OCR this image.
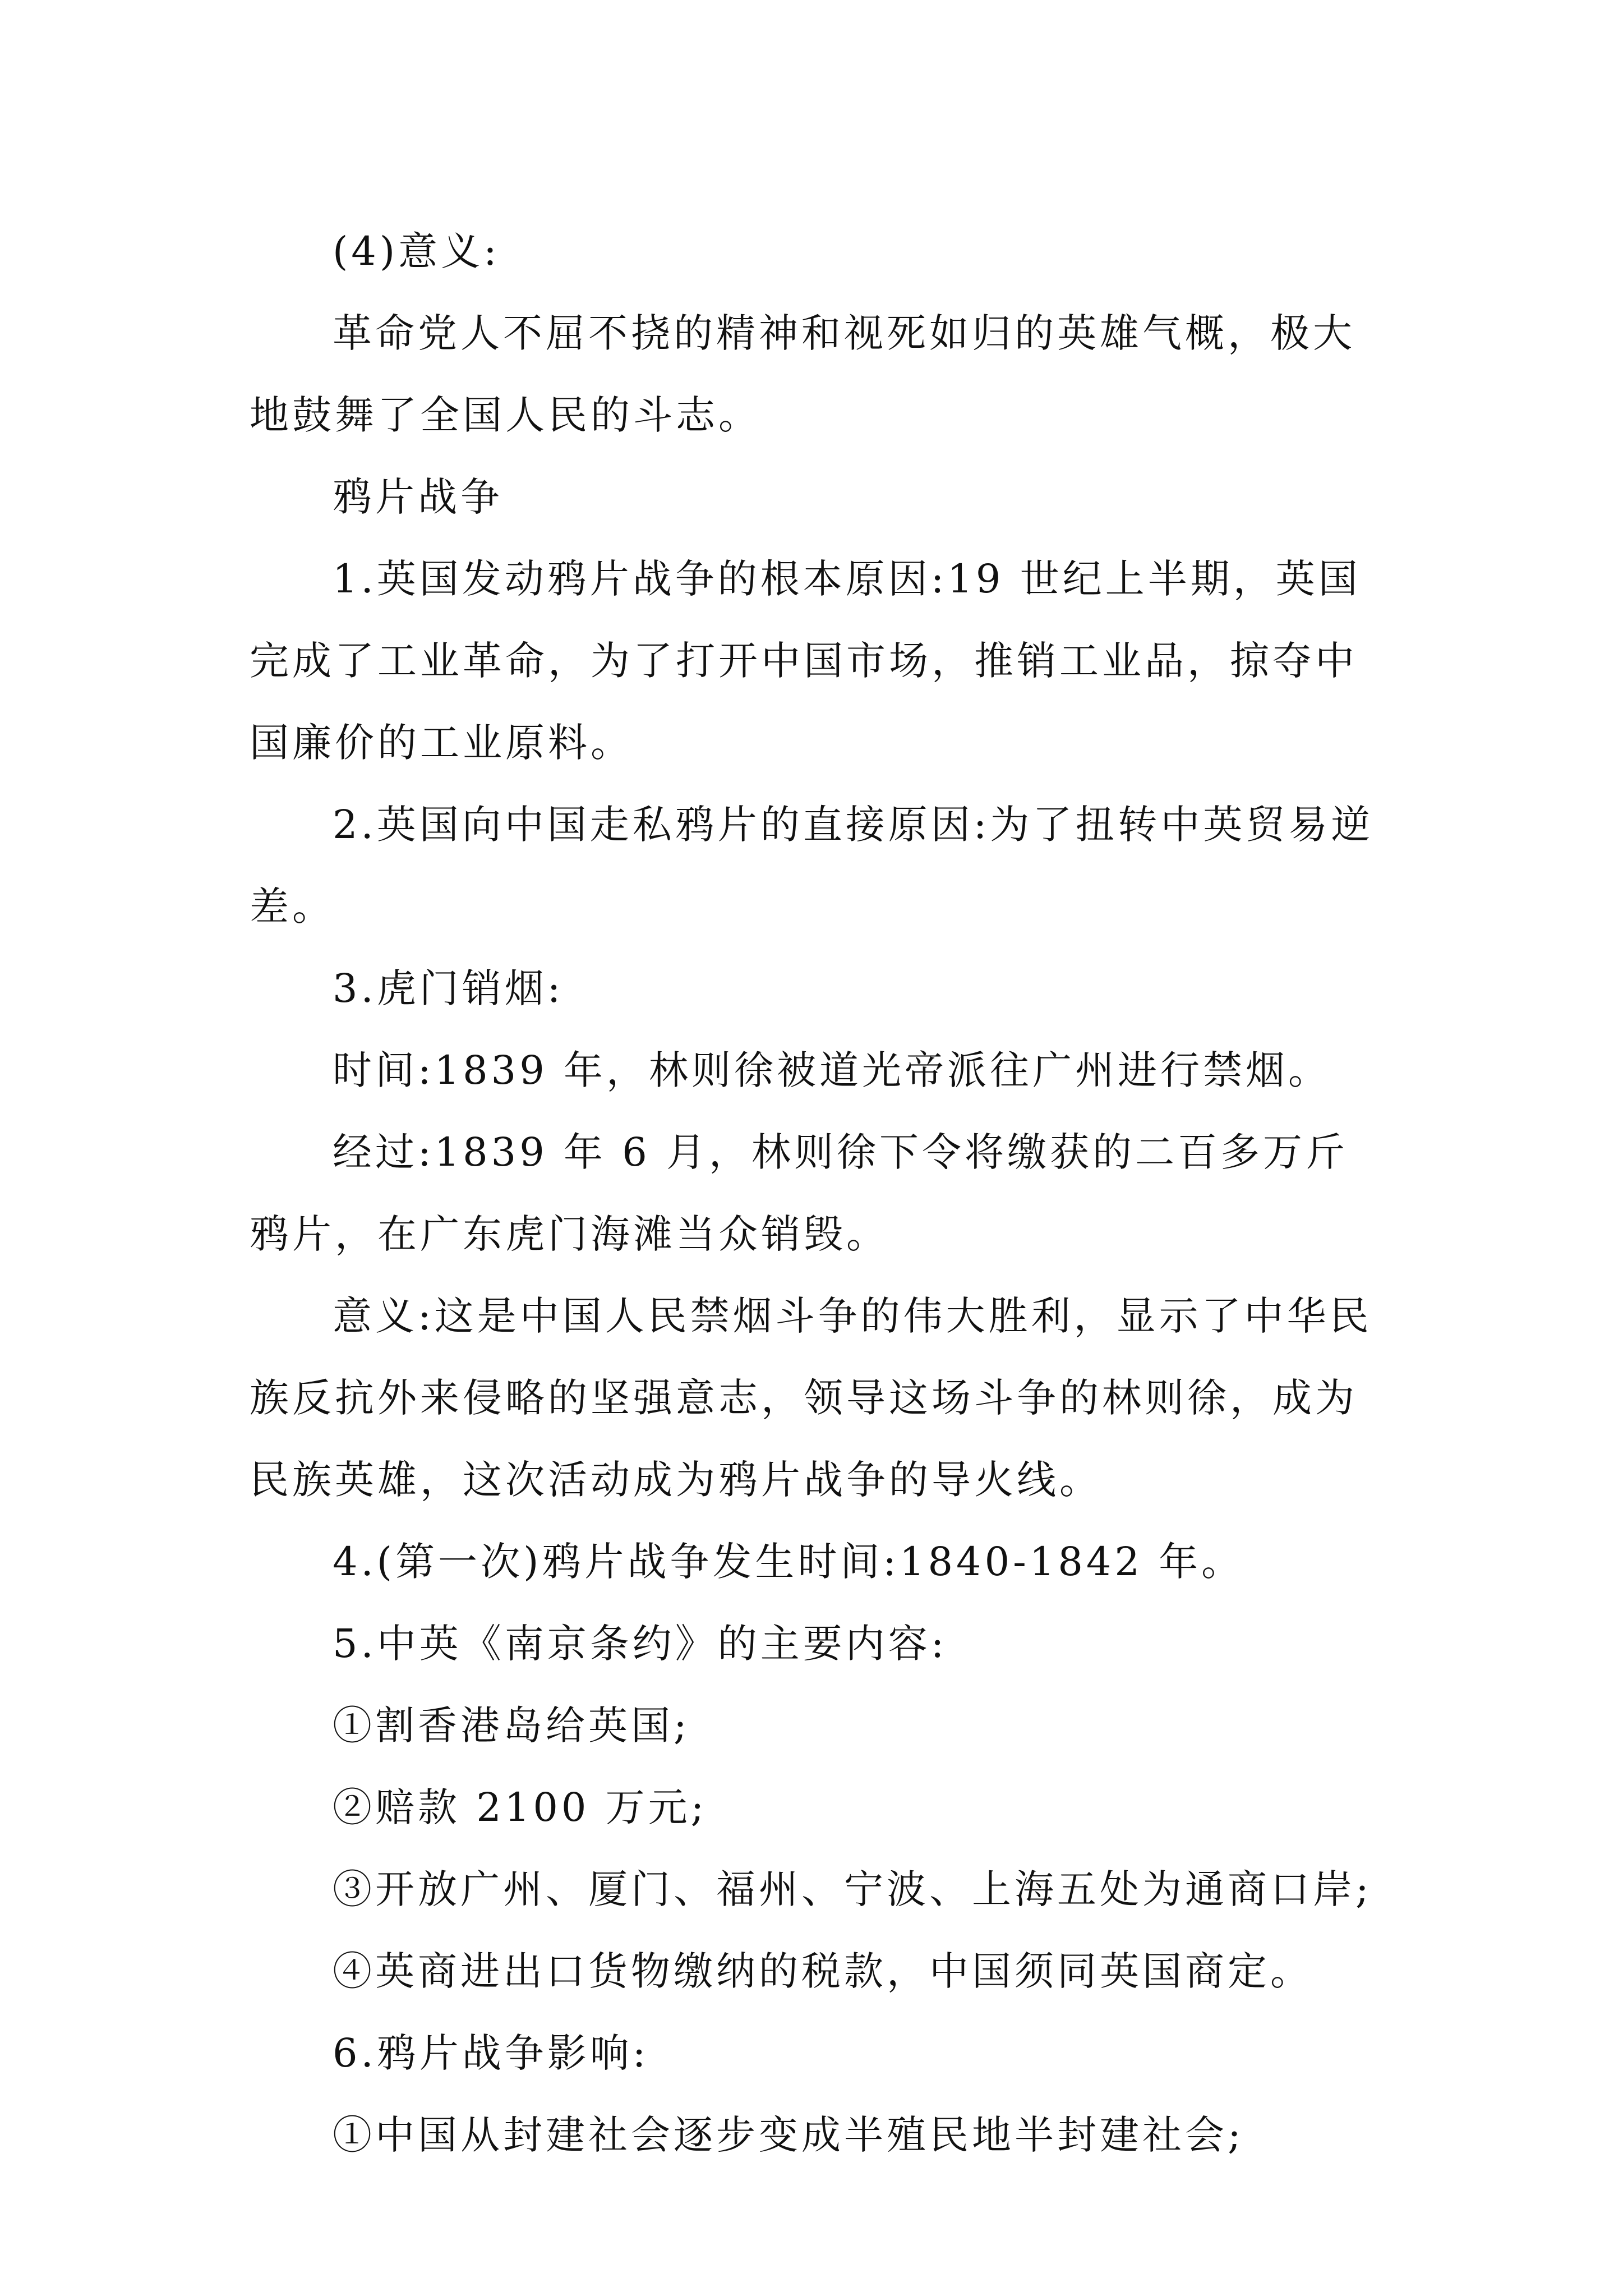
(4)意义:

革命党人不屈不挠的精神和视死如归的英雄气概，极大地鼓舞了全国人民的斗志。

鸦片战争

1.英国发动鸦片战争的根本原因:19 世纪上半期，英国完成了工业革命，为了打开中国市场，推销工业品，掠夺中国廉价的工业原料。

2.英国向中国走私鸦片的直接原因:为了扭转中英贸易逆差。

3.虎门销烟:

时间:1839 年，林则徐被道光帝派往广州进行禁烟。

经过:1839 年 6 月，林则徐下令将缴获的二百多万斤鸦片，在广东虎门海滩当众销毁。

意义:这是中国人民禁烟斗争的伟大胜利，显示了中华民族反抗外来侵略的坚强意志，领导这场斗争的林则徐，成为民族英雄，这次活动成为鸦片战争的导火线。

4.(第一次)鸦片战争发生时间:1840-1842 年。

5.中英《南京条约》的主要内容:

①割香港岛给英国;

②赔款 2100 万元;

③开放广州、厦门、福州、宁波、上海五处为通商口岸;

④英商进出口货物缴纳的税款，中国须同英国商定。

6.鸦片战争影响:

①中国从封建社会逐步变成半殖民地半封建社会;
